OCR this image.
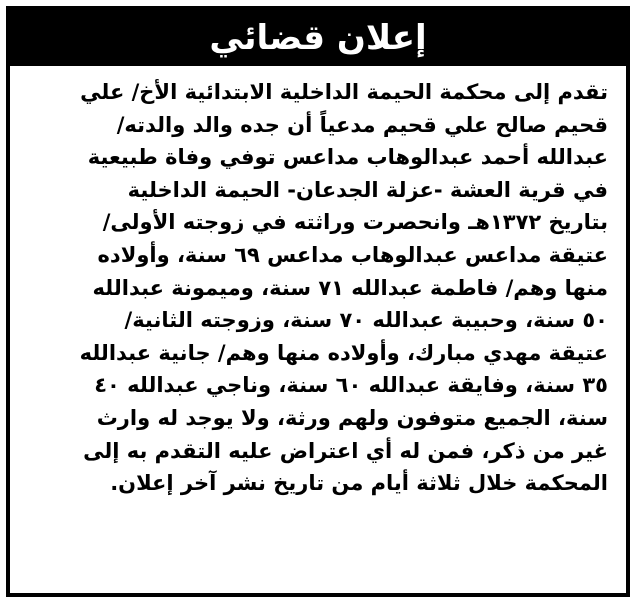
إعلان قضائي
تقدم إلى محكمة الحيمة الداخلية الابتدائية الأخ/ علي
قحيم صالح علي قحيم مدعياً أن جده والد والدته/
عبدالله أحمد عبدالوهاب مداعس توفي وفاة طبيعية
في قرية العشة -عزلة الجدعان- الحيمة الداخلية
بتاريخ ١٣٧٢هـ وانحصرت وراثته في زوجته الأولى/
عتيقة مداعس عبدالوهاب مداعس ٦٩ سنة، وأولاده
منها وهم/ فاطمة عبدالله ٧١ سنة، وميمونة عبدالله
٥٠ سنة، وحبيبة عبدالله ٧٠ سنة، وزوجته الثانية/
عتيقة مهدي مبارك، وأولاده منها وهم/ جانية عبدالله
٣٥ سنة، وفايقة عبدالله ٦٠ سنة، وناجي عبدالله ٤٠
سنة، الجميع متوفون ولهم ورثة، ولا يوجد له وارث
غير من ذكر، فمن له أي اعتراض عليه التقدم به إلى
المحكمة خلال ثلاثة أيام من تاريخ نشر آخر إعلان.
